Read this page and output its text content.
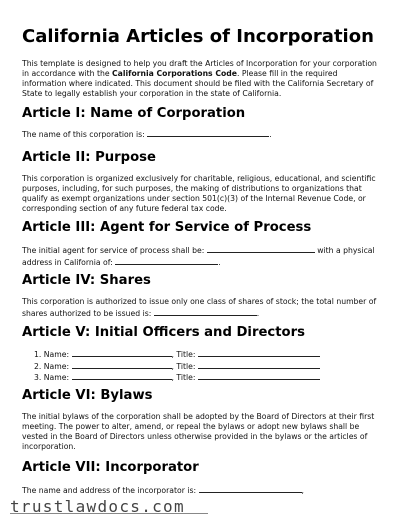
California Articles of Incorporation

This template is designed to help you draft the Articles of Incorporation for your corporation in accordance with the California Corporations Code. Please fill in the required information where indicated. This document should be filed with the California Secretary of State to legally establish your corporation in the state of California.

Article I: Name of Corporation

The name of this corporation is:	.

Article II: Purpose

This corporation is organized exclusively for charitable, religious, educational, and scientific purposes, including, for such purposes, the making of distributions to organizations that qualify as exempt organizations under section 501(c)(3) of the Internal Revenue Code, or corresponding section of any future federal tax code.

Article III: Agent for Service of Process

The initial agent for service of process shall be:	with a physical address in California of:	.

Article IV: Shares

This corporation is authorized to issue only one class of shares of stock; the total number of shares authorized to be issued is:	.

Article V: Initial Officers and Directors
1. Name:	, Title:
2. Name:	, Title:
3. Name:	, Title:
Article VI: Bylaws

The initial bylaws of the corporation shall be adopted by the Board of Directors at their first meeting. The power to alter, amend, or repeal the bylaws or adopt new bylaws shall be vested in the Board of Directors unless otherwise provided in the bylaws or the articles of incorporation.

Article VII: Incorporator

The name and address of the incorporator is:	,

trustlawdocs.com
